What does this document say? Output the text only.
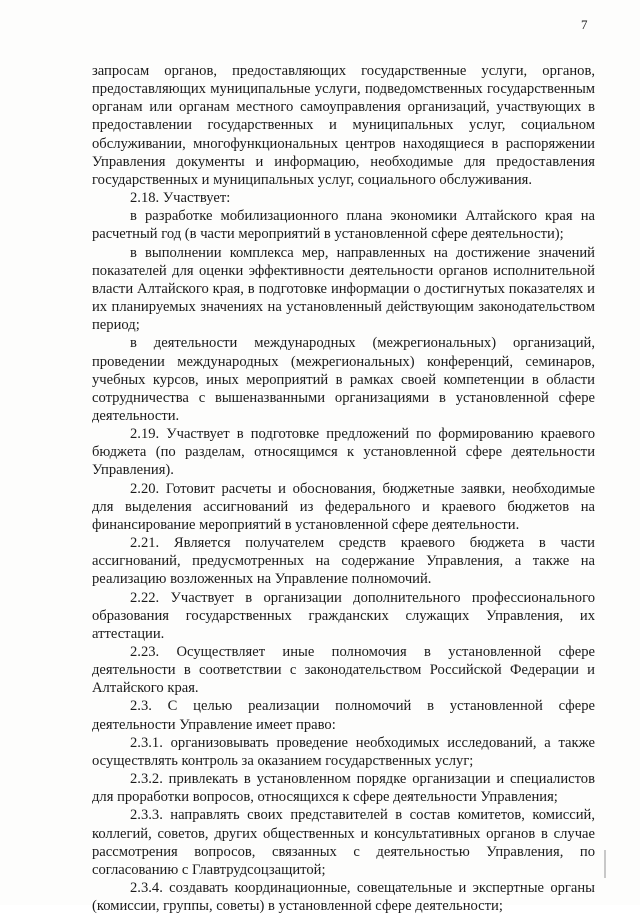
7

запросам органов, предоставляющих государственные услуги, органов, предоставляющих муниципальные услуги, подведомственных государственным органам или органам местного самоуправления организаций, участвующих в предоставлении государственных и муниципальных услуг, социальном обслуживании, многофункциональных центров находящиеся в распоряжении Управления документы и информацию, необходимые для предоставления государственных и муниципальных услуг, социального обслуживания.

2.18. Участвует:

в разработке мобилизационного плана экономики Алтайского края на расчетный год (в части мероприятий в установленной сфере деятельности);

в выполнении комплекса мер, направленных на достижение значений показателей для оценки эффективности деятельности органов исполнительной власти Алтайского края, в подготовке информации о достигнутых показателях и их планируемых значениях на установленный действующим законодательством период;

в деятельности международных (межрегиональных) организаций, проведении международных (межрегиональных) конференций, семинаров, учебных курсов, иных мероприятий в рамках своей компетенции в области сотрудничества с вышеназванными организациями в установленной сфере деятельности.

2.19. Участвует в подготовке предложений по формированию краевого бюджета (по разделам, относящимся к установленной сфере деятельности Управления).

2.20. Готовит расчеты и обоснования, бюджетные заявки, необходимые для выделения ассигнований из федерального и краевого бюджетов на финансирование мероприятий в установленной сфере деятельности.

2.21. Является получателем средств краевого бюджета в части ассигнований, предусмотренных на содержание Управления, а также на реализацию возложенных на Управление полномочий.

2.22. Участвует в организации дополнительного профессионального образования государственных гражданских служащих Управления, их аттестации.

2.23. Осуществляет иные полномочия в установленной сфере деятельности в соответствии с законодательством Российской Федерации и Алтайского края.

2.3. С целью реализации полномочий в установленной сфере деятельности Управление имеет право:

2.3.1. организовывать проведение необходимых исследований, а также осуществлять контроль за оказанием государственных услуг;

2.3.2. привлекать в установленном порядке организации и специалистов для проработки вопросов, относящихся к сфере деятельности Управления;

2.3.3. направлять своих представителей в состав комитетов, комиссий, коллегий, советов, других общественных и консультативных органов в случае рассмотрения вопросов, связанных с деятельностью Управления, по согласованию с Главтрудсоцзащитой;

2.3.4. создавать координационные, совещательные и экспертные органы (комиссии, группы, советы) в установленной сфере деятельности;
